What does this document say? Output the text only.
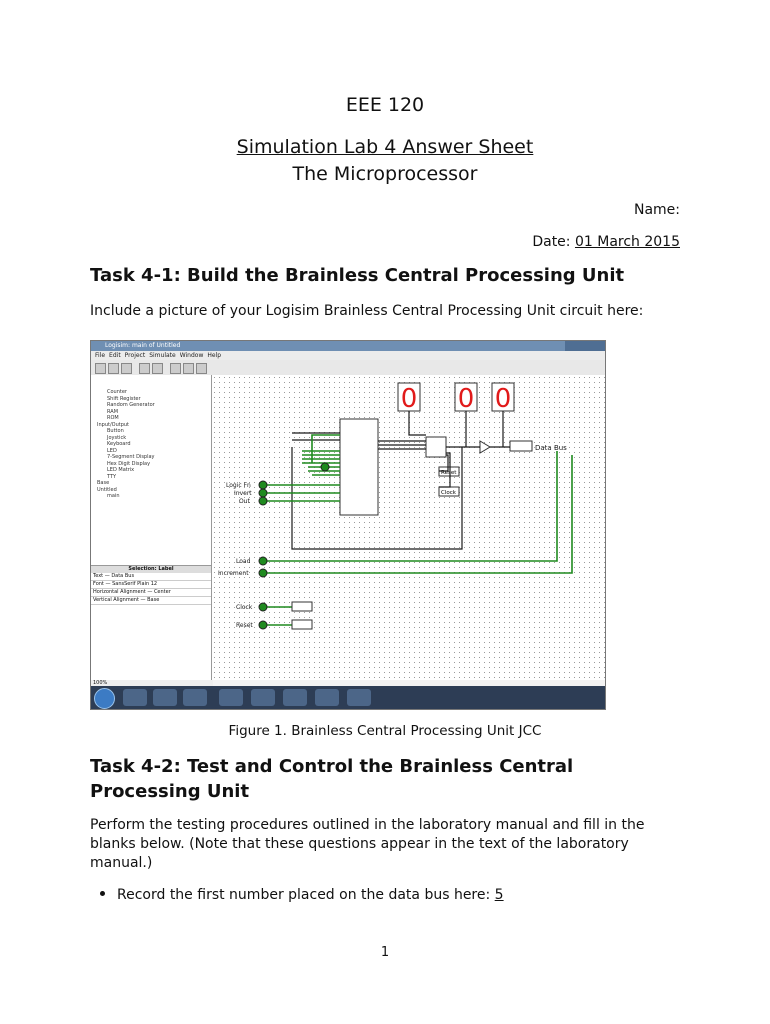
EEE 120
Simulation Lab 4 Answer Sheet
The Microprocessor
Name:
Date: 01 March 2015
Task 4-1: Build the Brainless Central Processing Unit
Include a picture of your Logisim Brainless Central Processing Unit circuit here:
Logisim: main of Untitled
File Edit Project Simulate Window Help
Counter
Shift Register
Random Generator
RAM
ROM
Input/Output
Button
Joystick
Keyboard
LED
7-Segment Display
Hex Digit Display
LED Matrix
TTY
Base
Untitled
main
Selection: Label
Text — Data Bus
Font — SansSerif Plain 12
Horizontal Alignment — Center
Vertical Alignment — Base
0 0 0
Data Bus
Reset
Clock
Logic Fn
Invert
Out
Load
Increment
Clock
Reset
100%
Figure 1. Brainless Central Processing Unit JCC
Task 4-2: Test and Control the Brainless Central Processing Unit
Perform the testing procedures outlined in the laboratory manual and fill in the blanks below. (Note that these questions appear in the text of the laboratory manual.)
Record the first number placed on the data bus here: 5
1
